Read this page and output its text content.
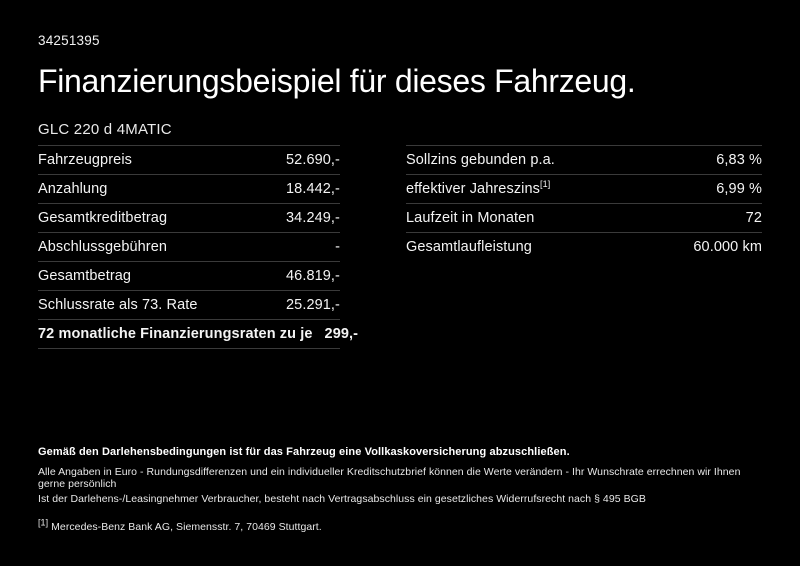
34251395
Finanzierungsbeispiel für dieses Fahrzeug.
GLC 220 d 4MATIC
Fahrzeugpreis	52.690,-
Anzahlung	18.442,-
Gesamtkreditbetrag	34.249,-
Abschlussgebühren	-
Gesamtbetrag	46.819,-
Schlussrate als 73. Rate	25.291,-
72 monatliche Finanzierungsraten zu je 299,-
Sollzins gebunden p.a.	6,83 %
effektiver Jahreszins[1]	6,99 %
Laufzeit in Monaten	72
Gesamtlaufleistung	60.000 km
Gemäß den Darlehensbedingungen ist für das Fahrzeug eine Vollkaskoversicherung abzuschließen.
Alle Angaben in Euro - Rundungsdifferenzen und ein individueller Kreditschutzbrief können die Werte verändern - Ihr Wunschrate errechnen wir Ihnen gerne persönlich
Ist der Darlehens-/Leasingnehmer Verbraucher, besteht nach Vertragsabschluss ein gesetzliches Widerrufsrecht nach § 495 BGB
[1] Mercedes-Benz Bank AG, Siemensstr. 7, 70469 Stuttgart.
